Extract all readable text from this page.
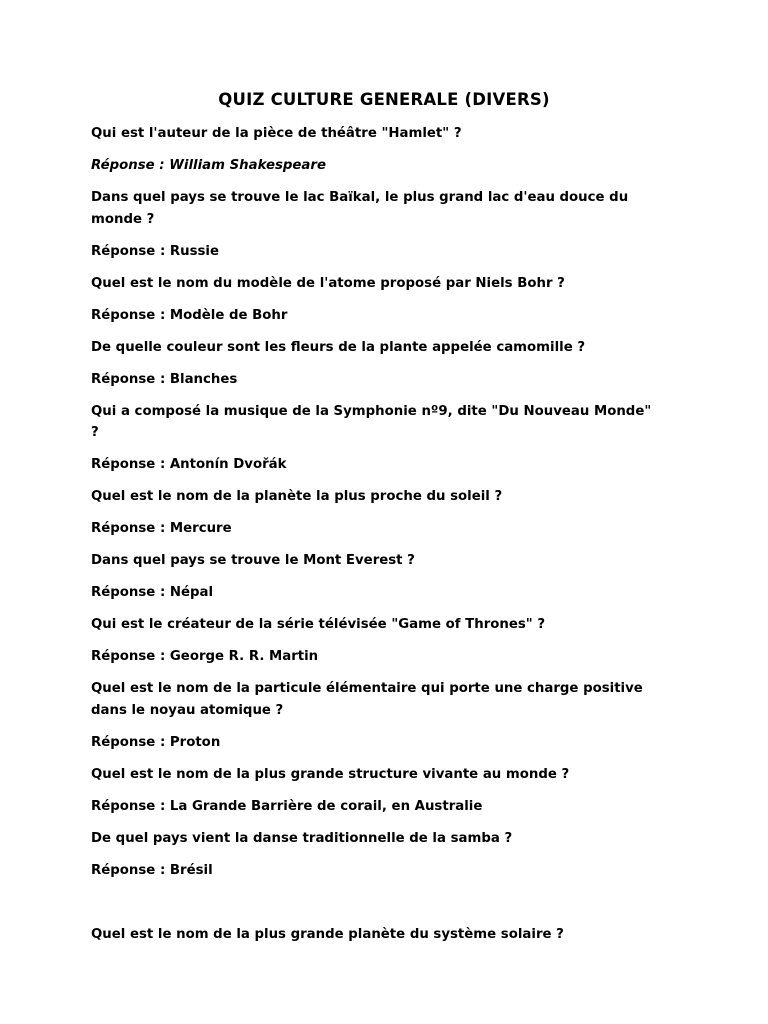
QUIZ CULTURE GENERALE (DIVERS)

Qui est l'auteur de la pièce de théâtre "Hamlet" ?

Réponse : William Shakespeare

Dans quel pays se trouve le lac Baïkal, le plus grand lac d'eau douce du monde ?

Réponse : Russie

Quel est le nom du modèle de l'atome proposé par Niels Bohr ?

Réponse : Modèle de Bohr

De quelle couleur sont les fleurs de la plante appelée camomille ?

Réponse : Blanches

Qui a composé la musique de la Symphonie nº9, dite "Du Nouveau Monde" ?

Réponse : Antonín Dvořák

Quel est le nom de la planète la plus proche du soleil ?

Réponse : Mercure

Dans quel pays se trouve le Mont Everest ?

Réponse : Népal

Qui est le créateur de la série télévisée "Game of Thrones" ?

Réponse : George R. R. Martin

Quel est le nom de la particule élémentaire qui porte une charge positive dans le noyau atomique ?

Réponse : Proton

Quel est le nom de la plus grande structure vivante au monde ?

Réponse : La Grande Barrière de corail, en Australie

De quel pays vient la danse traditionnelle de la samba ?

Réponse : Brésil

Quel est le nom de la plus grande planète du système solaire ?
